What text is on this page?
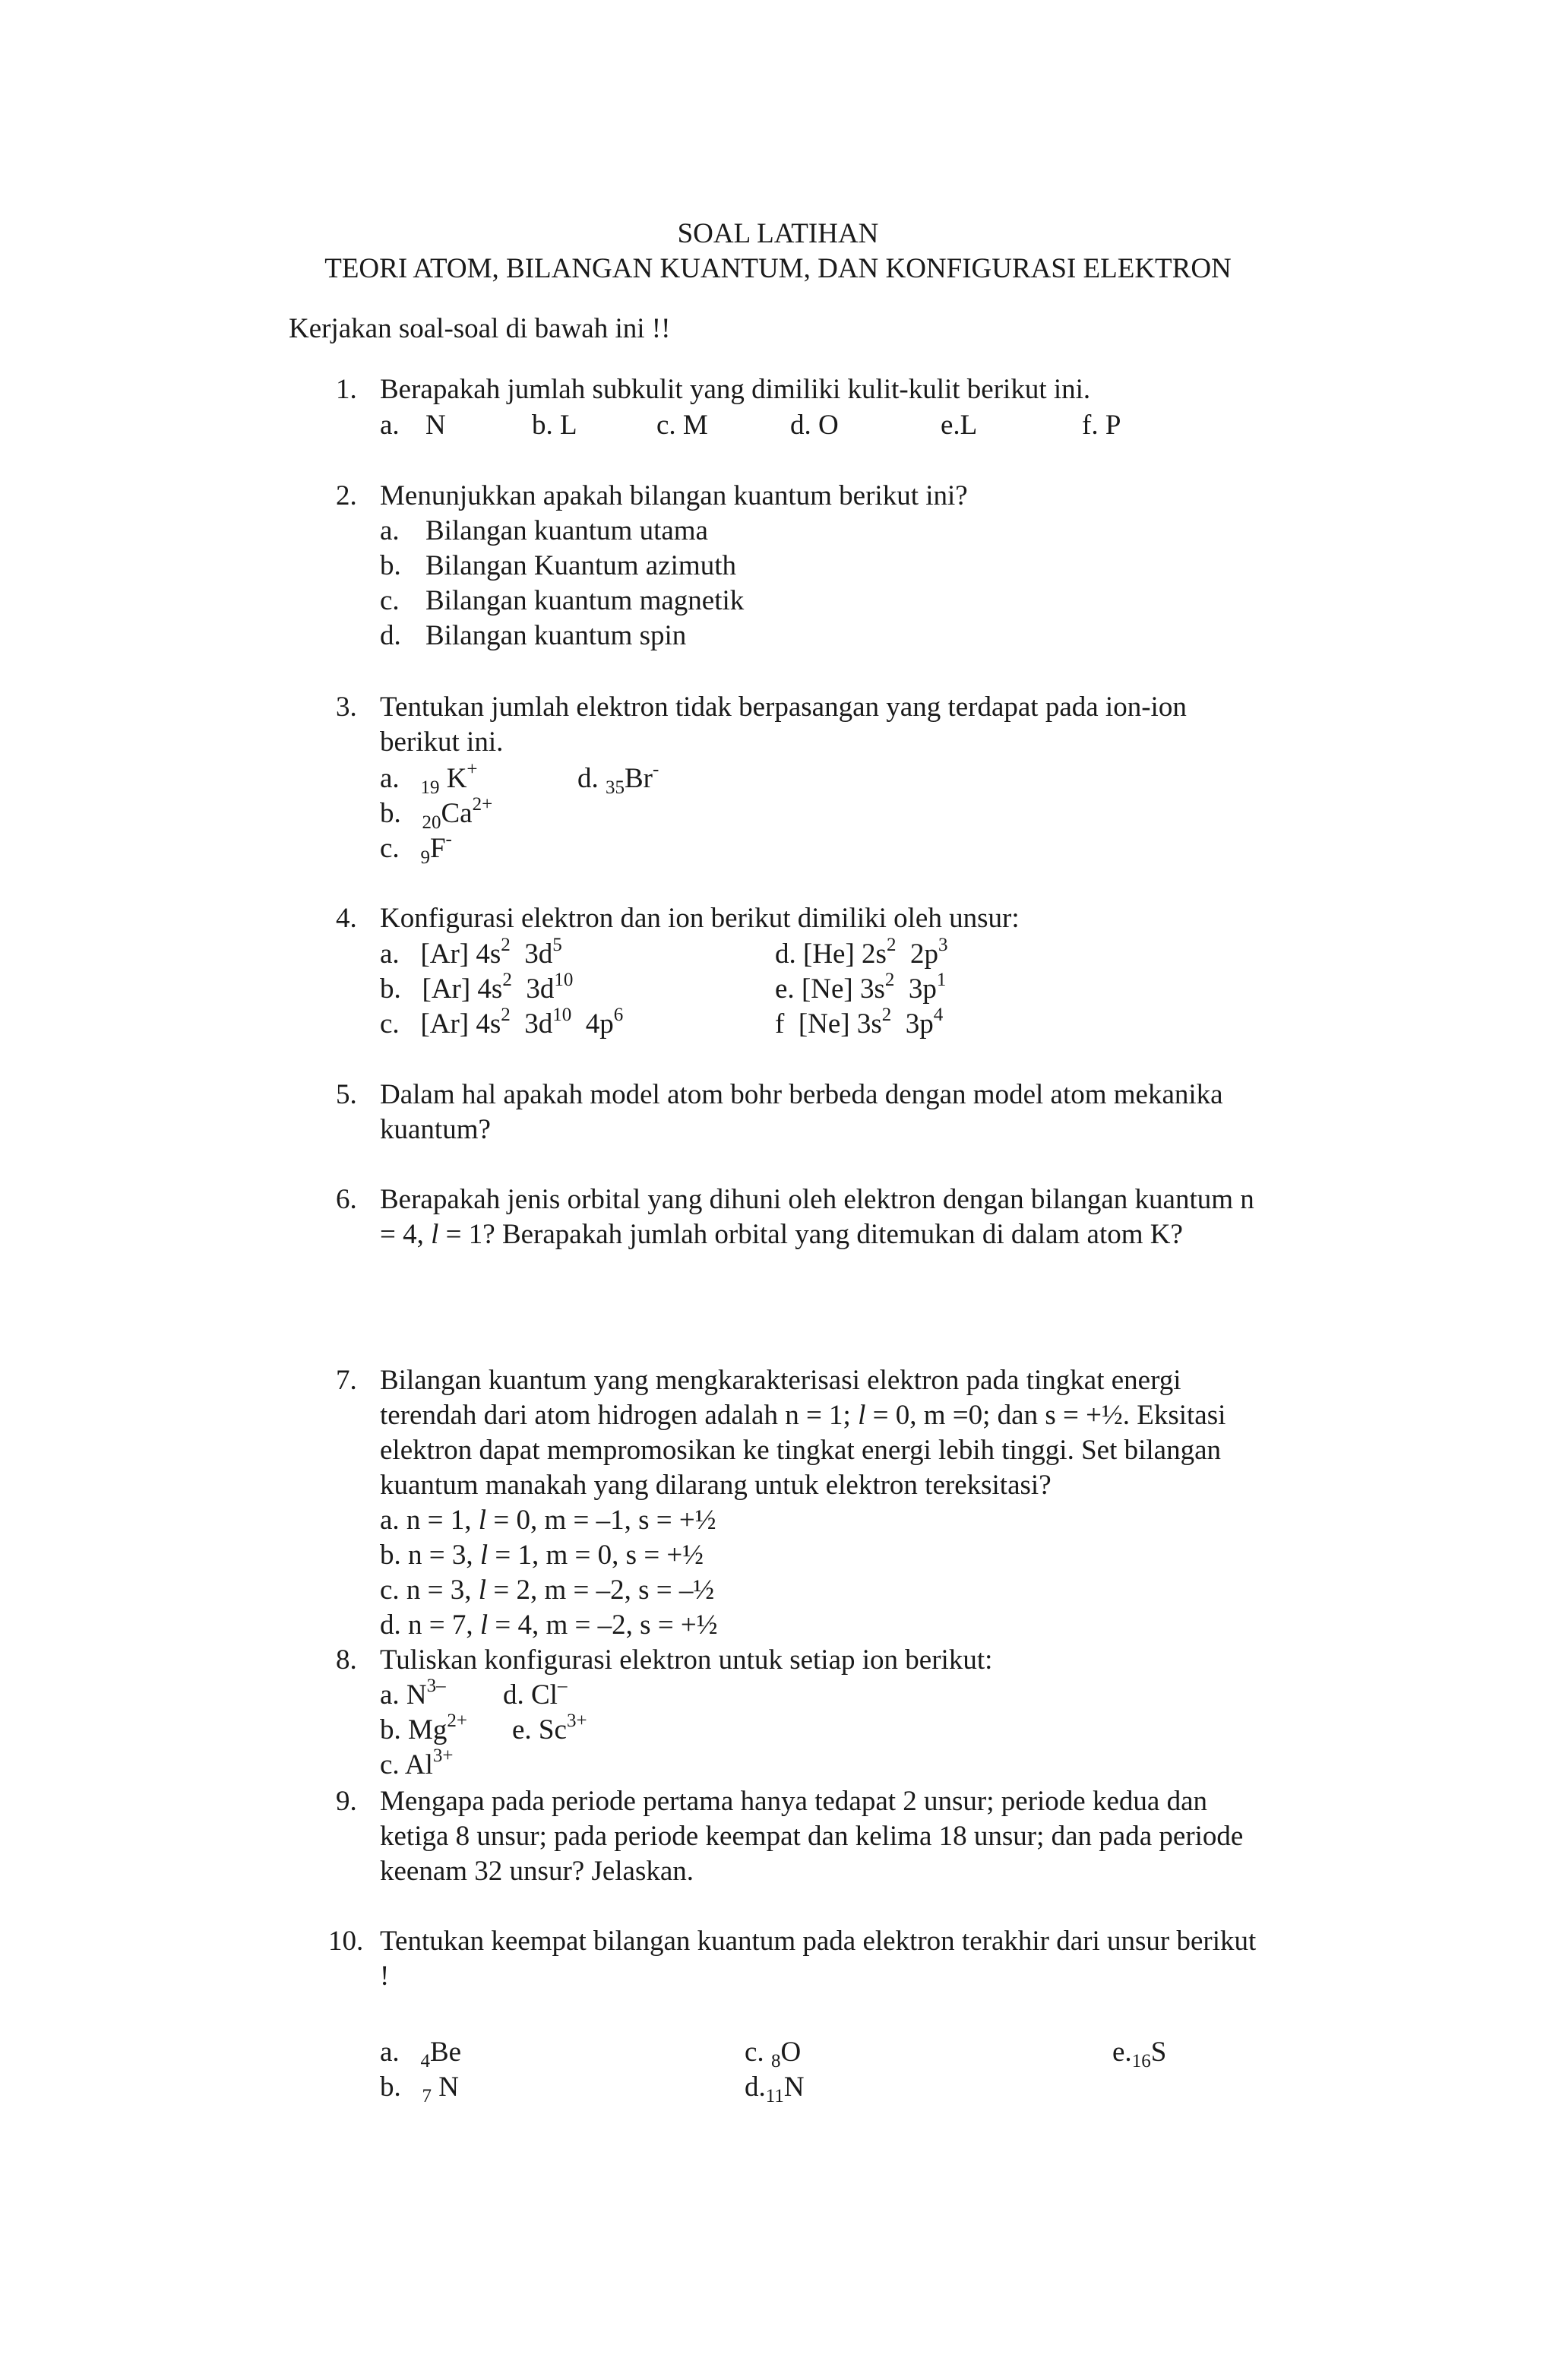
SOAL LATIHAN
TEORI ATOM, BILANGAN KUANTUM, DAN KONFIGURASI ELEKTRON
Kerjakan soal-soal di bawah ini !!
1. Berapakah jumlah subkulit yang dimiliki kulit-kulit berikut ini.
a. N	b. L	c. M	d. O	e.L	f. P
2. Menunjukkan apakah bilangan kuantum berikut ini?
a. Bilangan kuantum utama
b. Bilangan Kuantum azimuth
c. Bilangan kuantum magnetik
d. Bilangan kuantum spin
3. Tentukan jumlah elektron tidak berpasangan yang terdapat pada ion-ion
berikut ini.
a. $_{19}$ K+	d. $_{35}$Br-
b. $_{20}Ca^{2+}$
c. $_9$F-
4. Konfigurasi elektron dan ion berikut dimiliki oleh unsur:
a. [Ar] $4s^2$ $3d^5$	d. [He] $2s^2$ $2p^3$
b. [Ar] $4s^2$ $3d^{10}$	e. [Ne] $3s^2$ $3p^1$
c. [Ar] $4s^2$ $3d^{10}$ $4p^6$	f [Ne] $3s^2$ $3p^4$
5. Dalam hal apakah model atom bohr berbeda dengan model atom mekanika
kuantum?
6. Berapakah jenis orbital yang dihuni oleh elektron dengan bilangan kuantum n
= 4, l = 1? Berapakah jumlah orbital yang ditemukan di dalam atom K?
7. Bilangan kuantum yang mengkarakterisasi elektron pada tingkat energi
terendah dari atom hidrogen adalah n = 1; l = 0, m =0; dan s = +½. Eksitasi
elektron dapat mempromosikan ke tingkat energi lebih tinggi. Set bilangan
kuantum manakah yang dilarang untuk elektron tereksitasi?
a. n = 1, l = 0, m = –1, s = +½
b. n = 3, l = 1, m = 0, s = +½
c. n = 3, l = 2, m = –2, s = –½
d. n = 7, l = 4, m = –2, s = +½
8. Tuliskan konfigurasi elektron untuk setiap ion berikut:
a. $N^{3-}$ d. Cl–
b. $Mg^{2+}$ e. $Sc^{3+}$
c. $Al^{3+}$
9. Mengapa pada periode pertama hanya tedapat 2 unsur; periode kedua dan
ketiga 8 unsur; pada periode keempat dan kelima 18 unsur; dan pada periode
keenam 32 unsur? Jelaskan.
10. Tentukan keempat bilangan kuantum pada elektron terakhir dari unsur berikut
!
a. $_4$Be	c. $_8$O	$e._{16}S$
b. $_7$ N	$d._{11}N$
